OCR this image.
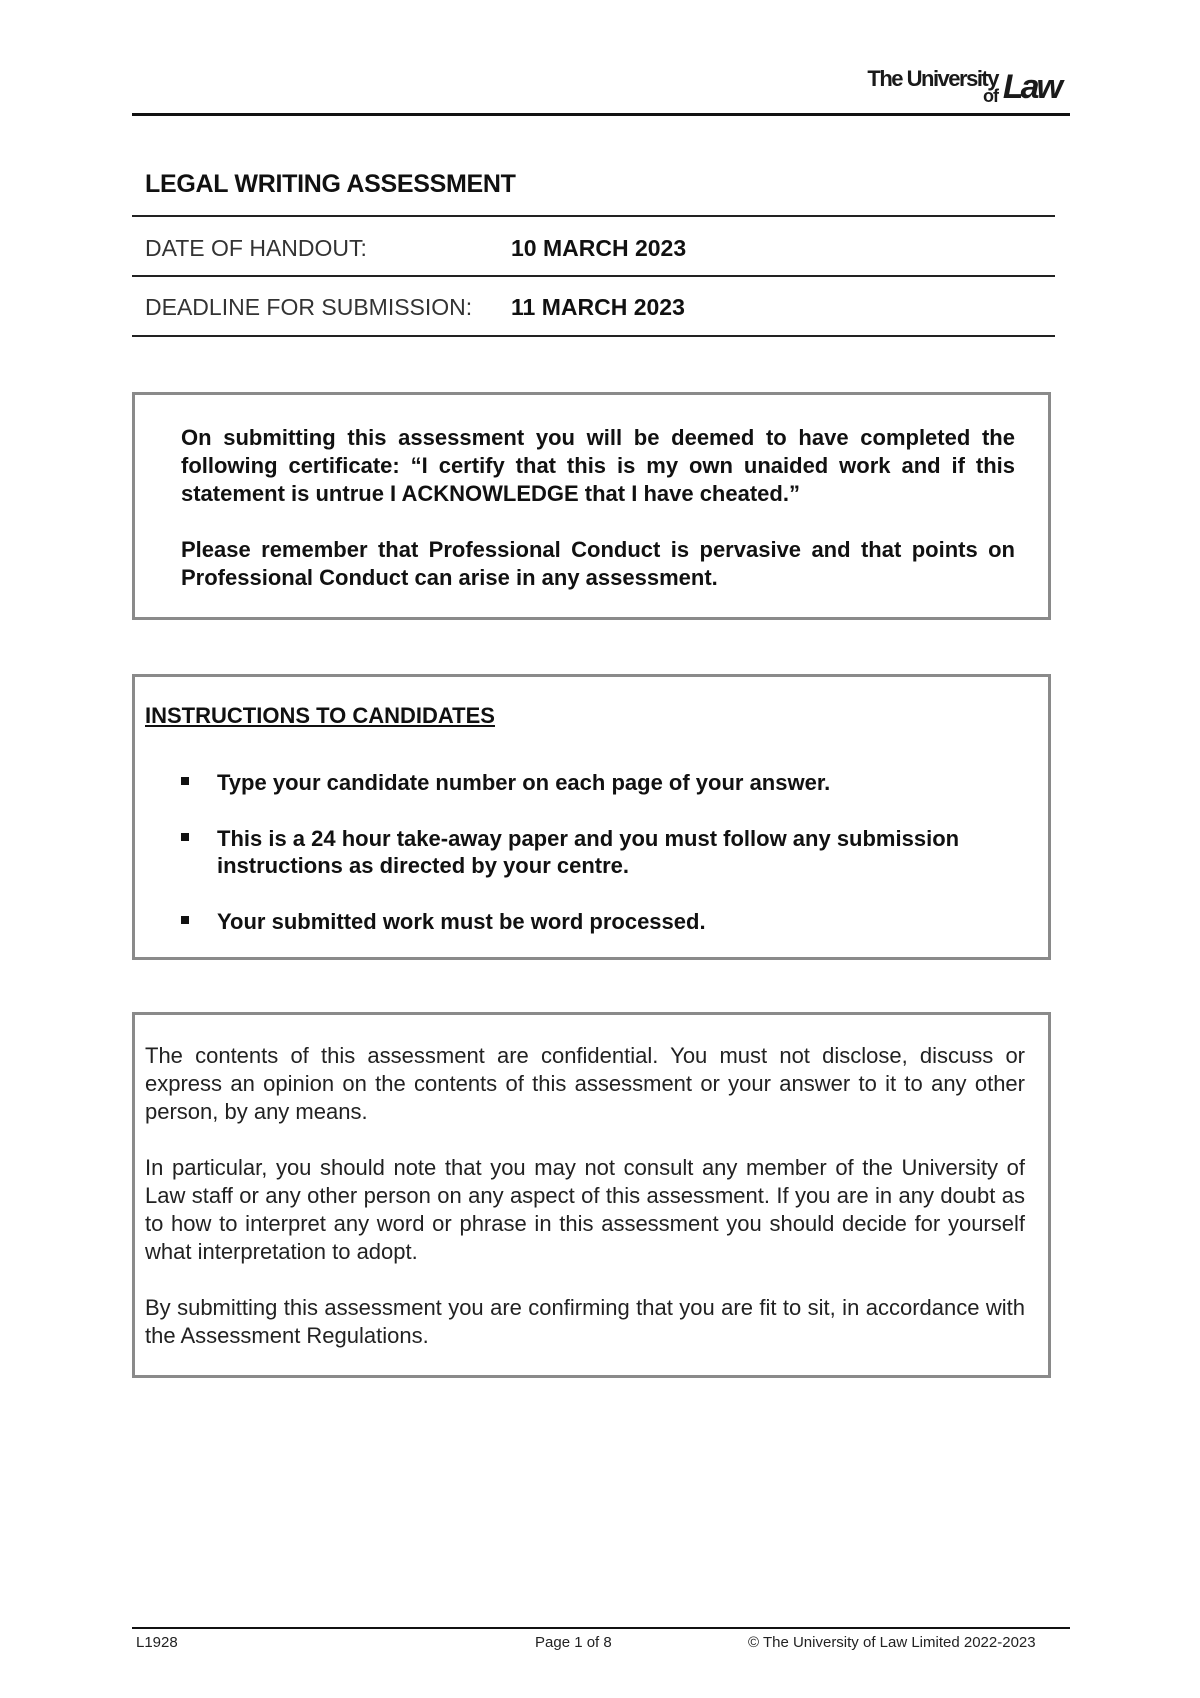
The University
of Law
LEGAL WRITING ASSESSMENT
DATE OF HANDOUT:	10 MARCH 2023
DEADLINE FOR SUBMISSION: 11 MARCH 2023

On submitting this assessment you will be deemed to have completed the following certificate: “I certify that this is my own unaided work and if this statement is untrue I ACKNOWLEDGE that I have cheated.”

Please remember that Professional Conduct is pervasive and that points on Professional Conduct can arise in any assessment.

INSTRUCTIONS TO CANDIDATES
Type your candidate number on each page of your answer.
This is a 24 hour take-away paper and you must follow any submission instructions as directed by your centre.
Your submitted work must be word processed.

The contents of this assessment are confidential. You must not disclose, discuss or express an opinion on the contents of this assessment or your answer to it to any other person, by any means.

In particular, you should note that you may not consult any member of the University of Law staff or any other person on any aspect of this assessment. If you are in any doubt as to how to interpret any word or phrase in this assessment you should decide for yourself what interpretation to adopt.

By submitting this assessment you are confirming that you are fit to sit, in accordance with the Assessment Regulations.

L1928	Page 1 of 8	© The University of Law Limited 2022-2023
